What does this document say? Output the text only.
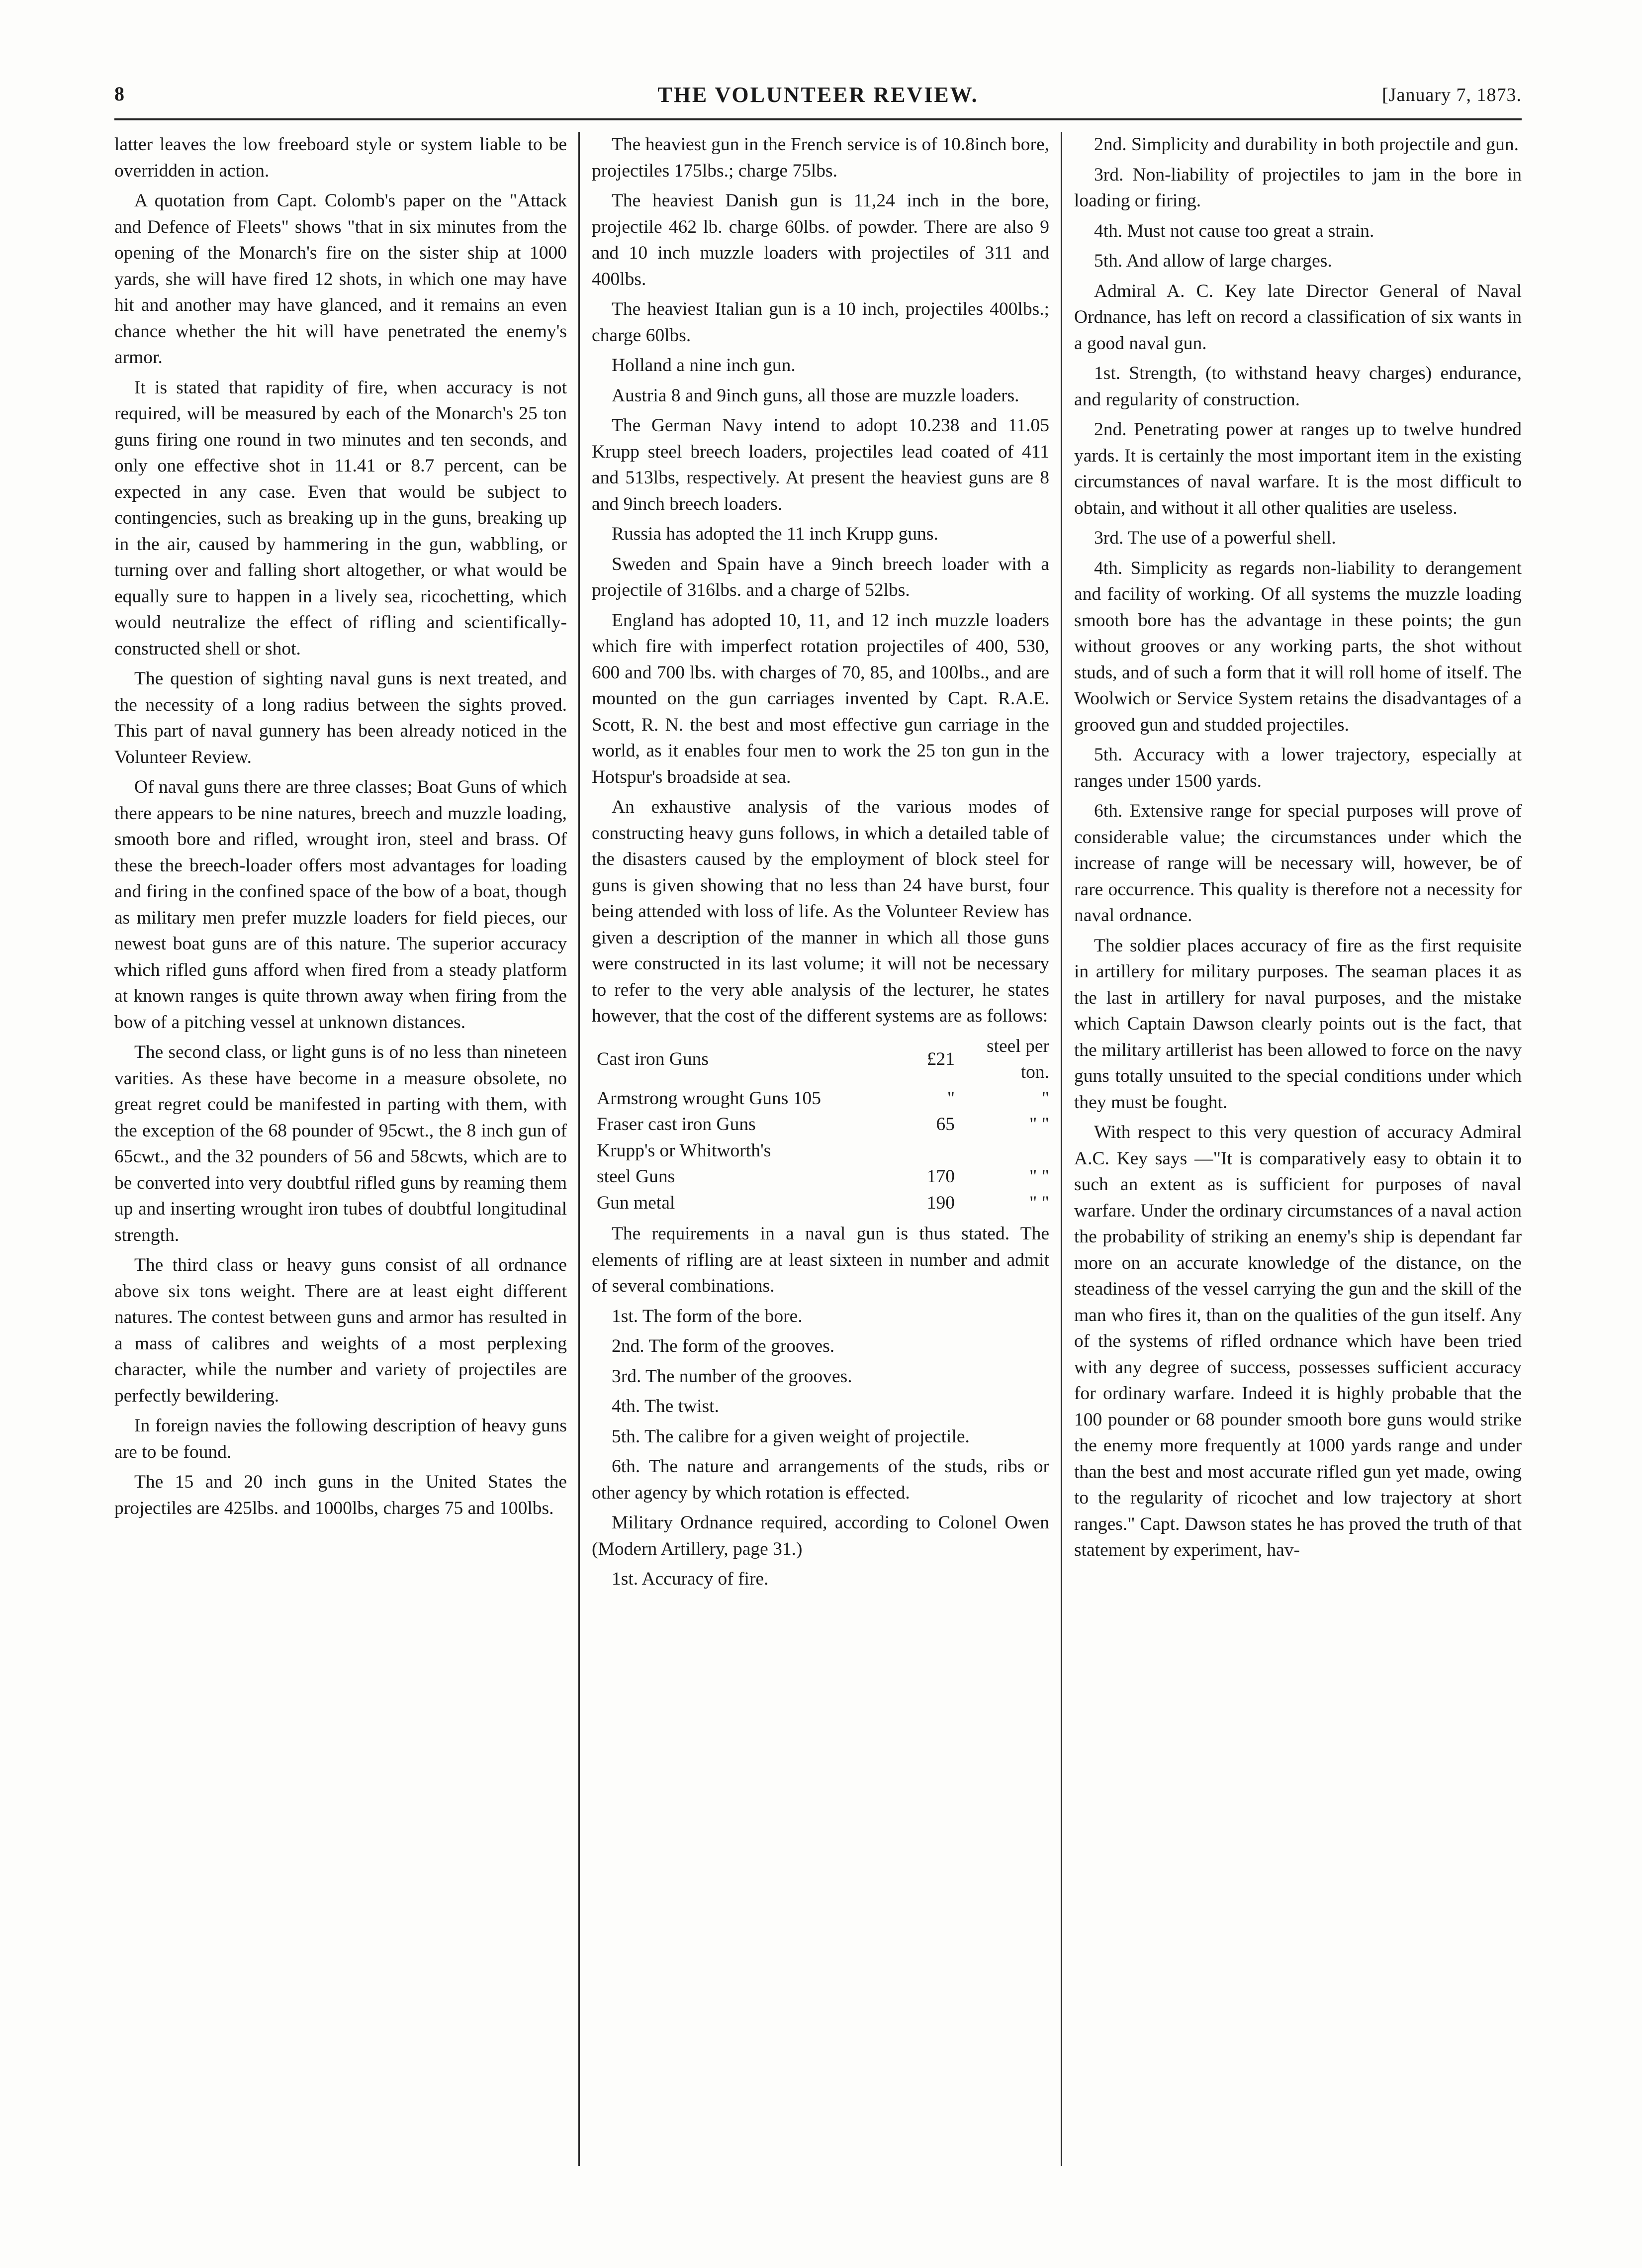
8	THE VOLUNTEER REVIEW.	[January 7, 1873.

latter leaves the low freeboard style or system liable to be overridden in action.

A quotation from Capt. Colomb's paper on the "Attack and Defence of Fleets" shows "that in six minutes from the opening of the Monarch's fire on the sister ship at 1000 yards, she will have fired 12 shots, in which one may have hit and another may have glanced, and it remains an even chance whether the hit will have penetrated the enemy's armor.

It is stated that rapidity of fire, when accuracy is not required, will be measured by each of the Monarch's 25 ton guns firing one round in two minutes and ten seconds, and only one effective shot in 11.41 or 8.7 percent, can be expected in any case. Even that would be subject to contingencies, such as breaking up in the guns, breaking up in the air, caused by hammering in the gun, wabbling, or turning over and falling short altogether, or what would be equally sure to happen in a lively sea, ricochetting, which would neutralize the effect of rifling and scientifically-constructed shell or shot.

The question of sighting naval guns is next treated, and the necessity of a long radius between the sights proved. This part of naval gunnery has been already noticed in the Volunteer Review.

Of naval guns there are three classes; Boat Guns of which there appears to be nine natures, breech and muzzle loading, smooth bore and rifled, wrought iron, steel and brass. Of these the breech-loader offers most advantages for loading and firing in the confined space of the bow of a boat, though as military men prefer muzzle loaders for field pieces, our newest boat guns are of this nature. The superior accuracy which rifled guns afford when fired from a steady platform at known ranges is quite thrown away when firing from the bow of a pitching vessel at unknown distances.

The second class, or light guns is of no less than nineteen varities. As these have become in a measure obsolete, no great regret could be manifested in parting with them, with the exception of the 68 pounder of 95cwt., the 8 inch gun of 65cwt., and the 32 pounders of 56 and 58cwts, which are to be converted into very doubtful rifled guns by reaming them up and inserting wrought iron tubes of doubtful longitudinal strength.

The third class or heavy guns consist of all ordnance above six tons weight. There are at least eight different natures. The contest between guns and armor has resulted in a mass of calibres and weights of a most perplexing character, while the number and variety of projectiles are perfectly bewildering.

In foreign navies the following description of heavy guns are to be found.

The 15 and 20 inch guns in the United States the projectiles are 425lbs. and 1000lbs, charges 75 and 100lbs.

The heaviest gun in the French service is of 10.8inch bore, projectiles 175lbs.; charge 75lbs.

The heaviest Danish gun is 11,24 inch in the bore, projectile 462 lb. charge 60lbs. of powder. There are also 9 and 10 inch muzzle loaders with projectiles of 311 and 400lbs.

The heaviest Italian gun is a 10 inch, projectiles 400lbs.; charge 60lbs.

Holland a nine inch gun.

Austria 8 and 9inch guns, all those are muzzle loaders.

The German Navy intend to adopt 10.238 and 11.05 Krupp steel breech loaders, projectiles lead coated of 411 and 513lbs, respectively. At present the heaviest guns are 8 and 9inch breech loaders.

Russia has adopted the 11 inch Krupp guns.

Sweden and Spain have a 9inch breech loader with a projectile of 316lbs. and a charge of 52lbs.

England has adopted 10, 11, and 12 inch muzzle loaders which fire with imperfect rotation projectiles of 400, 530, 600 and 700 lbs. with charges of 70, 85, and 100lbs., and are mounted on the gun carriages invented by Capt. R.A.E. Scott, R. N. the best and most effective gun carriage in the world, as it enables four men to work the 25 ton gun in the Hotspur's broadside at sea.

An exhaustive analysis of the various modes of constructing heavy guns follows, in which a detailed table of the disasters caused by the employment of block steel for guns is given showing that no less than 24 have burst, four being attended with loss of life. As the Volunteer Review has given a description of the manner in which all those guns were constructed in its last volume; it will not be necessary to refer to the very able analysis of the lecturer, he states however, that the cost of the different systems are as follows:

Cast iron Guns	£21	steel per ton.
Armstrong wrought Guns 105	"	"
Fraser cast iron Guns	65	" "
Krupp's or Whitworth's		
steel Guns	170	" "
Gun metal	190	" "

The requirements in a naval gun is thus stated. The elements of rifling are at least sixteen in number and admit of several combinations.

1st. The form of the bore.

2nd. The form of the grooves.

3rd. The number of the grooves.

4th. The twist.

5th. The calibre for a given weight of projectile.

6th. The nature and arrangements of the studs, ribs or other agency by which rotation is effected.

Military Ordnance required, according to Colonel Owen (Modern Artillery, page 31.)

1st. Accuracy of fire.

2nd. Simplicity and durability in both projectile and gun.

3rd. Non-liability of projectiles to jam in the bore in loading or firing.

4th. Must not cause too great a strain.

5th. And allow of large charges.

Admiral A. C. Key late Director General of Naval Ordnance, has left on record a classification of six wants in a good naval gun.

1st. Strength, (to withstand heavy charges) endurance, and regularity of construction.

2nd. Penetrating power at ranges up to twelve hundred yards. It is certainly the most important item in the existing circumstances of naval warfare. It is the most difficult to obtain, and without it all other qualities are useless.

3rd. The use of a powerful shell.

4th. Simplicity as regards non-liability to derangement and facility of working. Of all systems the muzzle loading smooth bore has the advantage in these points; the gun without grooves or any working parts, the shot without studs, and of such a form that it will roll home of itself. The Woolwich or Service System retains the disadvantages of a grooved gun and studded projectiles.

5th. Accuracy with a lower trajectory, especially at ranges under 1500 yards.

6th. Extensive range for special purposes will prove of considerable value; the circumstances under which the increase of range will be necessary will, however, be of rare occurrence. This quality is therefore not a necessity for naval ordnance.

The soldier places accuracy of fire as the first requisite in artillery for military purposes. The seaman places it as the last in artillery for naval purposes, and the mistake which Captain Dawson clearly points out is the fact, that the military artillerist has been allowed to force on the navy guns totally unsuited to the special conditions under which they must be fought.

With respect to this very question of accuracy Admiral A.C. Key says —"It is comparatively easy to obtain it to such an extent as is sufficient for purposes of naval warfare. Under the ordinary circumstances of a naval action the probability of striking an enemy's ship is dependant far more on an accurate knowledge of the distance, on the steadiness of the vessel carrying the gun and the skill of the man who fires it, than on the qualities of the gun itself. Any of the systems of rifled ordnance which have been tried with any degree of success, possesses sufficient accuracy for ordinary warfare. Indeed it is highly probable that the 100 pounder or 68 pounder smooth bore guns would strike the enemy more frequently at 1000 yards range and under than the best and most accurate rifled gun yet made, owing to the regularity of ricochet and low trajectory at short ranges." Capt. Dawson states he has proved the truth of that statement by experiment, hav-
